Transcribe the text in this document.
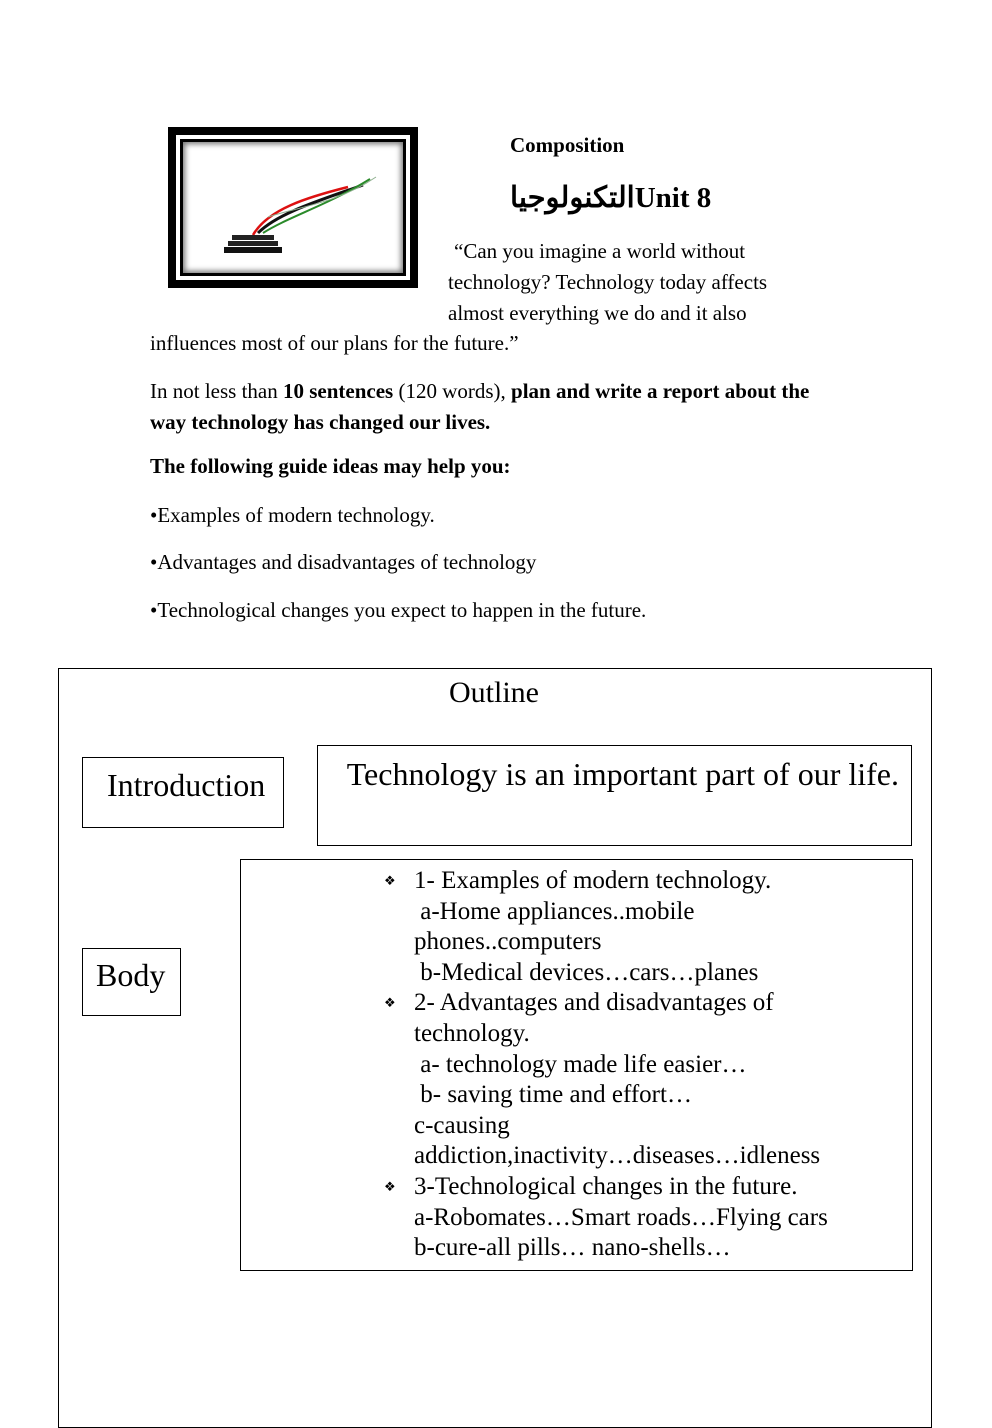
Composition
التكنولوجياUnit 8
“Can you imagine a world without
technology? Technology today affects
almost everything we do and it also
influences most of our plans for the future.”
In not less than 10 sentences (120 words), plan and write a report about the way technology has changed our lives.
The following guide ideas may help you:
•Examples of modern technology.
•Advantages and disadvantages of technology
•Technological changes you expect to happen in the future.
Outline
Introduction	Technology is an important part of our life.
Body
❖ 1- Examples of modern technology.
a-Home appliances..mobile
phones..computers
b-Medical devices…cars…planes
❖ 2- Advantages and disadvantages of
technology.
a- technology made life easier…
b- saving time and effort…
c-causing
addiction,inactivity…diseases…idleness
❖ 3-Technological changes in the future.
a-Robomates…Smart roads…Flying cars
b-cure-all pills… nano-shells…
